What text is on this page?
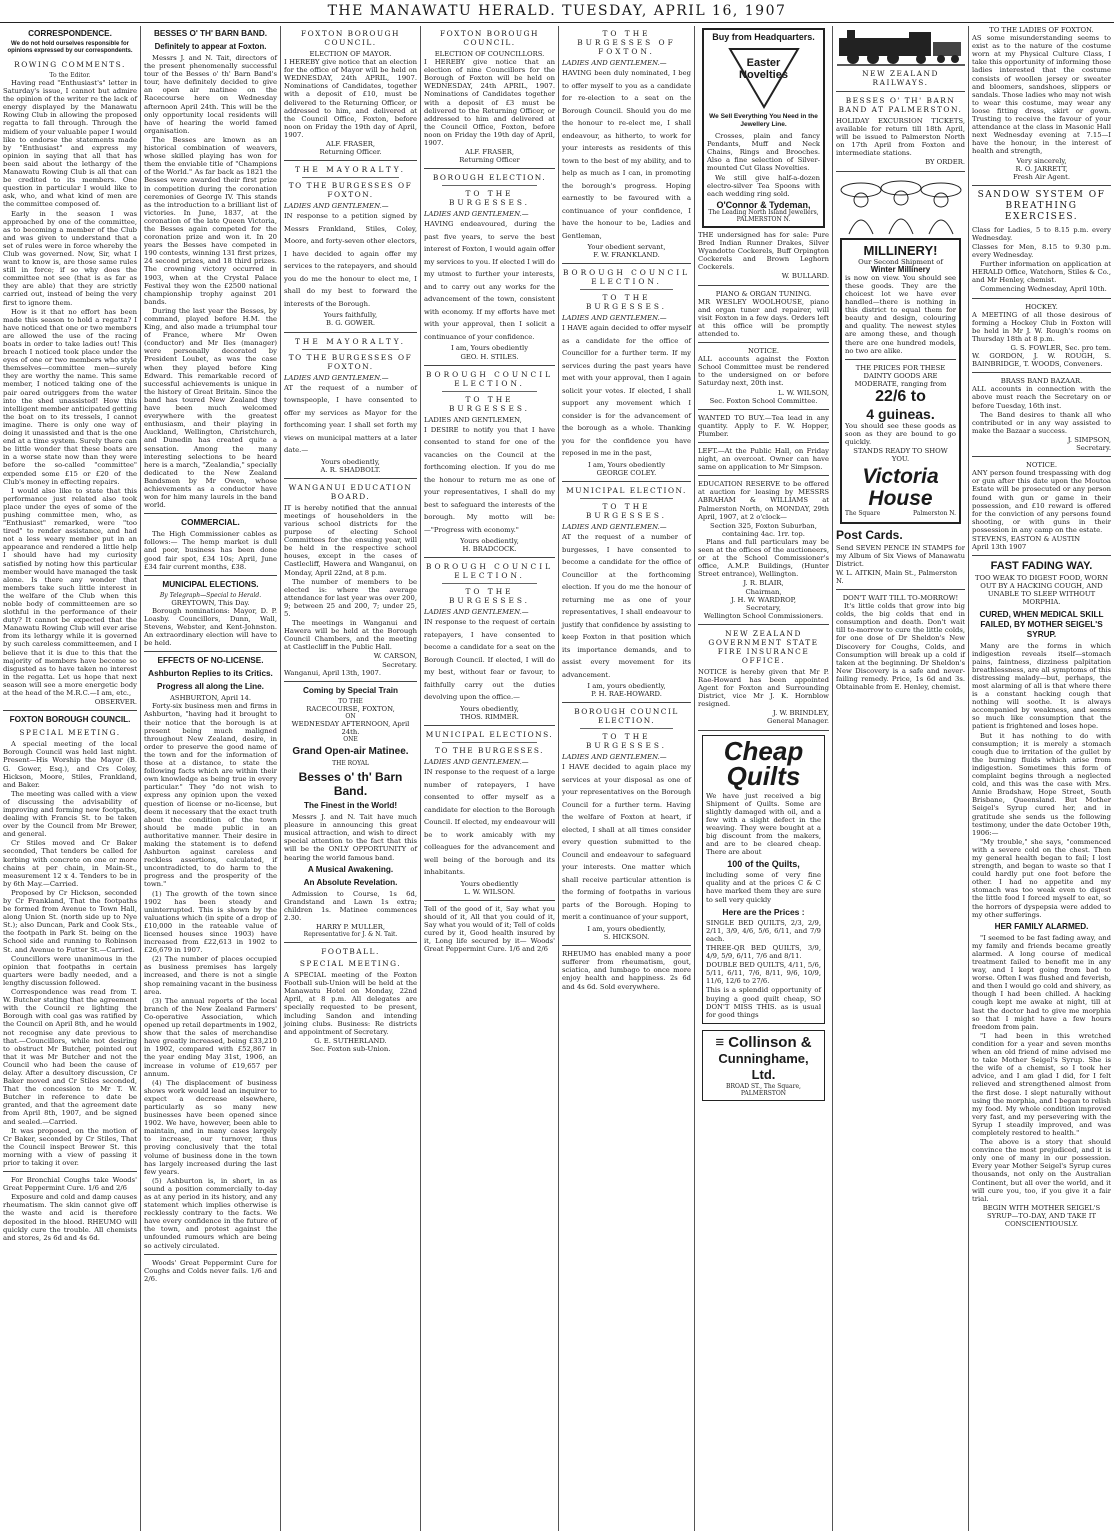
THE MANAWATU HERALD. TUESDAY, APRIL 16, 1907
CORRESPONDENCE.
We do not hold ourselves responsible for opinions expressed by our correspondents.
ROWING COMMENTS.
To the Editor.

Having read "Enthusiast's" letter in Saturday's issue, I cannot but admire the opinion of the writer re the lack of energy displayed by the Manawatu Rowing Club in allowing the proposed regatta to fall through. Through the midiem of your valuable paper I would like to endorse the statements made by "Enthusiast" and express my opinion in saying that all that has been said about the lethargy of the Manawatu Rowing Club is all that can be credited to its members. One question in particular I would like to ask, who, and what kind of men are the committee composed of.

Early in the season I was approached by one of the committee, as to becoming a member of the Club and was given to understand that a set of rules were in force whereby the Club was governed. Now, Sir, what I want to know is, are those same rules still in force; if so why does the committee not see (that is as far as they are able) that they are strictly carried out, instead of being the very first to ignore them.

How is it that no effort has been made this season to hold a regatta? I have noticed that one or two members are allowed the use of the racing boats in order to take ladies out! This breach I noticed took place under the eyes of one or two members who style themselves—committee men—surely they are worthy the name. This same member, I noticed taking one of the pair oared outriggers from the water into the shed unassisted! How this intelligent member anticipated getting the boat on to its tressels, I cannot imagine. There is only one way of doing it unassisted and that is the one end at a time system. Surely there can be little wonder that these boats are in a worse state now than they were before the so-called "committee" expended some £15 or £20 of the Club's money in effecting repairs.

I would also like to state that this performance just related also took place under the eyes of some of the pushing committee men, who, as "Enthusiast" remarked, were "too tired" to render assistance, and had not a less weary member put in an appearance and rendered a little help I should have had my curiosity satisfied by noting how this particular member would have managed the task alone. Is there any wonder that members take such little interest in the welfare of the Club when this noble body of committeemen are so slothful in the performance of their duty? It cannot be expected that the Manawatu Rowing Club will ever arise from its lethargy while it is governed by such careless committeemen, and I believe that it is due to this that the majority of members have become so disgusted as to have taken no interest in the regatta. Let us hope that next season will see a more energetic body at the head of the M.R.C.—I am, etc.,

OBSERVER.
FOXTON BOROUGH COUNCIL.
SPECIAL MEETING.

A special meeting of the local Borough Council was held last night. Present—His Worship the Mayor (B. G. Gower, Esq.), and Crs Coley, Hickson, Moore, Stiles, Frankland, and Baker.

The meeting was called with a view of discussing the advisability of improving and forming new footpaths, dealing with Francis St. to be taken over by the Council from Mr Brewer, and general.

Cr Stiles moved and Cr Baker seconded, That tenders be called for kerbing with concrete on one or more chains at per chain, in Main-St., measurement 12 x 4. Tenders to be in by 6th May.—Carried.

Proposed by Cr Hickson, seconded by Cr Frankland, That the footpaths be formed from Avenue to Town Hall, along Union St. (north side up to Nye St.); also Duncan, Park and Cook Sts., the footpath in Park St. being on the School side and running to Robinson St. and Avenue to Futter St.—Carried.

Councillors were unanimous in the opinion that footpaths in certain quarters were badly needed, and a lengthy discussion followed.

Correspondence was read from T. W. Butcher stating that the agreement with the Council re lighting the Borough with coal gas was ratified by the Council on April 8th, and he would not recognise any date previous to that.—Councillors, while not desiring to obstruct Mr Butcher, pointed out that it was Mr Butcher and not the Council who had been the cause of delay. After a desultory discussion, Cr Baker moved and Cr Stiles seconded, That the concession to Mr T. W. Butcher in reference to date be granted, and that the agreement date from April 8th, 1907, and be signed and sealed.—Carried.

It was proposed, on the motion of Cr Baker, seconded by Cr Stiles, That the Council inspect Brewer St. this morning with a view of passing it prior to taking it over.

For Bronchial Coughs take Woods' Great Peppermint Cure. 1/6 and 2/6

Exposure and cold and damp causes rheumatism. The skin cannot give off the waste and acid is therefore deposited in the blood. RHEUMO will quickly cure the trouble. All chemists and stores, 2s 6d and 4s 6d.

BESSES O' TH' BARN BAND.
Definitely to appear at Foxton.

Messrs J. and N. Tait, directors of the present phenomenally successful tour of the Besses o' th' Barn Band's tour, have definitely decided to give an open air matinee on the Racecourse here on Wednesday afternoon April 24th. This will be the only opportunity local residents will have of hearing the world famed organisation.

The Besses are known as an historical combination of weavers, whose skilled playing has won for them the enviable title of "Champions of the World." As far back as 1821 the Besses were awarded their first prize in competition during the coronation ceremonies of George IV. This stands as the introduction to a brilliant list of victories. In June, 1837, at the coronation of the late Queen Victoria, the Besses again competed for the coronation prize and won it. In 20 years the Besses have competed in 190 contests, winning 131 first prizes, 24 second prizes, and 18 third prizes. The crowning victory occurred in 1903, when at the Crystal Palace Festival they won the £2500 national championship trophy against 201 bands.

During the last year the Besses, by command, played before H.M. the King, and also made a triumphal tour of France, where Mr Owen (conductor) and Mr Iles (manager) were personally decorated by President Loubet, as was the case when they played before King Edward. This remarkable record of successful achievements is unique in the history of Great Britain. Since the band has toured New Zealand they have been much welcomed everywhere with the greatest enthusiasm, and their playing in Auckland, Wellington, Christchurch, and Dunedin has created quite a sensation. Among the many interesting selections to be heard here is a march, "Zealandia," specially dedicated to the New Zealand Bandsmen by Mr Owen, whose achievements as a conductor have won for him many laurels in the band world.

COMMERCIAL.

The High Commissioner cables as follows:— The hemp market is dull and poor, business has been done good fair spot, £34 10s; April, June £34 fair current months, £38.

MUNICIPAL ELECTIONS.
By Telegraph—Special to Herald.
GREYTOWN, This Day.

Borough nominations: Mayor, D. P. Loasby. Councillors, Dunn, Wall, Stevens, Webster, and Kent-Johnston. An extraordinary election will have to be held.

EFFECTS OF NO-LICENSE.
Ashburton Replies to its Critics.
Progress all along the Line.
ASHBURTON, April 14.

Forty-six business men and firms in Ashburton, "having had it brought to their notice that the borough is at present being much maligned throughout New Zealand, desire, in order to preserve the good name of the town and for the information of those at a distance, to state the following facts which are within their own knowledge as being true in every particular." They "do not wish to express any opinion upon the vexed question of license or no-license, but deem it necessary that the exact truth about the condition of the town should be made public in an authoritative manner. Their desire in making the statement is to defend Ashburton against careless and reckless assertions, calculated, if uncontradicted, to do harm to the progress and the prosperity of the town."

(1) The growth of the town since 1902 has been steady and uninterrupted. This is shown by the valuations which (in spite of a drop of £10,000 in the rateable value of licensed houses since 1903) have increased from £22,613 in 1902 to £26,679 in 1907.

(2) The number of places occupied as business premises has largely increased, and there is not a single shop remaining vacant in the business area.

(3) The annual reports of the local branch of the New Zealand Farmers' Co-operative Association, which opened up retail departments in 1902, show that the sales of merchandise have greatly increased, being £33,210 in 1902, compared with £52,867 in the year ending May 31st, 1906, an increase in volume of £19,657 per annum.

(4) The displacement of business shows work would lead an inquirer to expect a decrease elsewhere, particularly as so many new businesses have been opened since 1902. We have, however, been able to maintain, and in many cases largely to increase, our turnover, thus proving conclusively that the total volume of business done in the town has largely increased during the last few years.

(5) Ashburton is, in short, in as sound a position commercially to-day as at any period in its history, and any statement which implies otherwise is recklessly contrary to the facts. We have every confidence in the future of the town, and protest against the unfounded rumours which are being so actively circulated.

Woods' Great Peppermint Cure for Coughs and Colds never fails. 1/6 and 2/6.

FOXTON BOROUGH COUNCIL.
ELECTION OF MAYOR.

I HEREBY give notice that an election for the office of Mayor will be held on WEDNESDAY, 24th APRIL, 1907. Nominations of Candidates, together with a deposit of £10, must be delivered to the Returning Officer, or addressed to him, and delivered at the Council Office, Foxton, before noon on Friday the 19th day of April, 1907.

ALF. FRASER,
Returning Officer.
THE MAYORALTY.
TO THE BURGESSES OF FOXTON.
LADIES AND GENTLEMEN.—

IN response to a petition signed by Messrs Frankland, Stiles, Coley, Moore, and forty-seven other electors, I have decided to again offer my services to the ratepayers, and should you do me the honour to elect me, I shall do my best to forward the interests of the Borough.

Yours faithfully,
B. G. GOWER.
THE MAYORALTY.
TO THE BURGESSES OF FOXTON.
LADIES AND GENTLEMEN.—

AT the request of a number of townspeople, I have consented to offer my services as Mayor for the forthcoming year. I shall set forth my views on municipal matters at a later date.—

Yours obediently,
A. R. SHADBOLT.
WANGANUI EDUCATION BOARD.

IT is hereby notified that the annual meetings of householders in the various school districts for the purpose of electing School Committees for the ensuing year, will be held in the respective school houses, except in the cases of Castlecliff, Hawera and Wanganui, on Monday, April 22nd, at 8 p.m.

The number of members to be elected is: where the average attendance for last year was over 200, 9; between 25 and 200, 7; under 25, 5.

The meetings in Wanganui and Hawera will be held at the Borough Council Chambers, and the meeting at Castlecliff in the Public Hall.

W. CARSON,
Secretary.
Wanganui, April 13th, 1907.
Coming by Special Train
TO THE
RACECOURSE, FOXTON,
ON
WEDNESDAY AFTERNOON, April 24th.
ONE
Grand Open-air Matinee.
THE ROYAL
Besses o' th' Barn Band.
The Finest in the World!

Messrs J. and N. Tait have much pleasure in announcing this great musical attraction, and wish to direct special attention to the fact that this will be the ONLY OPPORTUNITY of hearing the world famous band.

A Musical Awakening.
An Absolute Revelation.

Admission to Course, 1s 6d, Grandstand and Lawn 1s extra; children 1s. Matinee commences 2.30.

HARRY P. MULLER,
Representative for J. & N. Tait.
FOOTBALL.
SPECIAL MEETING.

A SPECIAL meeting of the Foxton Football sub-Union will be held at the Manawatu Hotel on Monday, 22nd April, at 8 p.m. All delegates are specially requested to be present, including Sandon and intending joining clubs. Business: Re districts and appointment of Secretary.

G. E. SUTHERLAND.
Sec. Foxton sub-Union.
FOXTON BOROUGH COUNCIL.
ELECTION OF COUNCILLORS.

I HEREBY give notice that an election of nine Councillors for the Borough of Foxton will be held on WEDNESDAY, 24th APRIL, 1907. Nominations of Candidates together with a deposit of £3 must be delivered to the Returning Officer, or addressed to him and delivered at the Council Office, Foxton, before noon on Friday the 19th day of April, 1907.

ALF. FRASER,
Returning Officer
BOROUGH ELECTION.
TO THE BURGESSES.
LADIES AND GENTLEMEN.—

HAVING endeavoured, during the past five years, to serve the best interest of Foxton, I would again offer my services to you. If elected I will do my utmost to further your interests, and to carry out any works for the advancement of the town, consistent with economy. If my efforts have met with your approval, then I solicit a continuance of your confidence.

I am, Yours obediently
GEO. H. STILES.
BOROUGH COUNCIL ELECTION.
TO THE BURGESSES.
LADIES AND GENTLEMEN,

I DESIRE to notify you that I have consented to stand for one of the vacancies on the Council at the forthcoming election. If you do me the honour to return me as one of your representatives, I shall do my best to safeguard the interests of the borough. My motto will be:—"Progress with economy."

Yours obediently,
H. BRADCOCK.
BOROUGH COUNCIL ELECTION.
TO THE BURGESSES.
LADIES AND GENTLEMEN.—

IN response to the request of certain ratepayers, I have consented to become a candidate for a seat on the Borough Council. If elected, I will do my best, without fear or favour, to faithfully carry out the duties devolving upon the office.—

Yours obediently,
THOS. RIMMER.
MUNICIPAL ELECTIONS.
TO THE BURGESSES.
LADIES AND GENTLEMEN.—

IN response to the request of a large number of ratepayers, I have consented to offer myself as a candidate for election to the Borough Council. If elected, my endeavour will be to work amicably with my colleagues for the advancement and well being of the borough and its inhabitants.

Yours obediently
L. W. WILSON.

Tell of the good of it, Say what you should of it, All that you could of it, Say what you would of it; Tell of colds cured by it, Good health insured by it, Long life secured by it— Woods' Great Peppermint Cure. 1/6 and 2/6

TO THE BURGESSES OF FOXTON.
LADIES AND GENTLEMEN.—

HAVING been duly nominated, I beg to offer myself to you as a candidate for re-election to a seat on the Borough Council. Should you do me the honour to re-elect me, I shall endeavour, as hitherto, to work for your interests as residents of this town to the best of my ability, and to help as much as I can, in promoting the borough's progress. Hoping earnestly to be favoured with a continuance of your confidence, I have the honour to be, Ladies and Gentleman,

Your obedient servant,
F. W. FRANKLAND.
BOROUGH COUNCIL ELECTION.
TO THE BURGESSES.
LADIES AND GENTLEMEN.—

I HAVE again decided to offer myself as a candidate for the office of Councillor for a further term. If my services during the past years have met with your approval, then I again solicit your votes. If elected, I shall support any movement which I consider is for the advancement of the borough as a whole. Thanking you for the confidence you have reposed in me in the past,

I am, Yours obediently
GEORGE COLEY.
MUNICIPAL ELECTION.
TO THE BURGESSES.
LADIES AND GENTLEMEN.—

AT the request of a number of burgesses, I have consented to become a candidate for the office of Councillor at the forthcoming election. If you do me the honour of returning me as one of your representatives, I shall endeavour to justify that confidence by assisting to keep Foxton in that position which its importance demands, and to assist every movement for its advancement.

I am, yours obediently,
P. H. RAE-HOWARD.
BOROUGH COUNCIL ELECTION.
TO THE BURGESSES.
LADIES AND GENTLEMEN.—

I HAVE decided to again place my services at your disposal as one of your representatives on the Borough Council for a further term. Having the welfare of Foxton at heart, if elected, I shall at all times consider every question submitted to the Council and endeavour to safeguard your interests. One matter which shall receive particular attention is the forming of footpaths in various parts of the Borough. Hoping to merit a continuance of your support,

I am, yours obediently,
S. HICKSON.

RHEUMO has enabled many a poor sufferer from rheumatism, gout, sciatica, and lumbago to once more enjoy health and happiness. 2s 6d and 4s 6d. Sold everywhere.

Buy from Headquarters.
Easter Novelties
We Sell Everything You Need in the Jewellery Line.

Crosses, plain and fancy Pendants, Muff and Neck Chains, Rings and Brooches. Also a fine selection of Silver-mounted Cut Glass Novelties.

We still give half-a-dozen electro-silver Tea Spoons with each wedding ring sold.

O'Connor & Tydeman,
The Leading North Island Jewellers, PALMERSTON N.

THE undersigned has for sale: Pure Bred Indian Runner Drakes, Silver Wyandotte Cockerels, Buff Orpington Cockerels and Brown Leghorn Cockerels.

W. BULLARD.
PIANO & ORGAN TUNING.

MR WESLEY WOOLHOUSE, piano and organ tuner and repairer, will visit Foxton in a few days. Orders left at this office will be promptly attended to.

NOTICE.

ALL accounts against the Foxton School Committee must be rendered to the undersigned on or before Saturday next, 20th inst.

L. W. WILSON,
Sec. Foxton School Committee.

WANTED TO BUY.—Tea lead in any quantity. Apply to F. W. Hopper, Plumber.

LEFT.—At the Public Hall, on Friday night, an overcoat. Owner can have same on application to Mr Simpson.

EDUCATION RESERVE to be offered at auction for leasing by MESSRS ABRAHAM & WILLIAMS at Palmerston North, on MONDAY, 29th April, 1907, at 2 o'clock—

Section 325, Foxton Suburban, containing 4ac. 1rr. top.

Plans and full particulars may be seen at the offices of the auctioneers, or at the School Commissioner's office, A.M.P. Buildings, (Hunter Street entrance), Wellington.

J. R. BLAIR,
Chairman,
J. H. W. WARDROP,
Secretary,
Wellington School Commissioners.
NEW ZEALAND GOVERNMENT STATE FIRE INSURANCE OFFICE.

NOTICE is hereby given that Mr P. Rae-Howard has been appointed Agent for Foxton and Surrounding District, vice Mr J. K. Hornblow resigned.

J. W. BRINDLEY,
General Manager.
Cheap Quilts

We have just received a big Shipment of Quilts. Some are slightly damaged with oil, and a few with a slight defect in the weaving. They were bought at a big discount from the makers, and are to be cleared cheap. There are about

100 of the Quilts,

including some of very fine quality and at the prices C & C have marked them they are sure to sell very quickly

Here are the Prices :

SINGLE BED QUILTS, 2/3, 2/9, 2/11, 3/9, 4/6, 5/6, 6/11, and 7/9 each.

THREE-QR BED QUILTS, 3/9, 4/9, 5/9, 6/11, 7/6 and 8/11.

DOUBLE BED QUILTS, 4/11, 5/6, 5/11, 6/11, 7/6, 8/11, 9/6, 10/9, 11/6, 12/6 to 27/6.

This is a splendid opportunity of buying a good quilt cheap, SO DON'T MISS THIS. as is usual for good things

≡ Collinson &
Cunninghame, Ltd.
BROAD ST., The Square, PALMERSTON
NEW ZEALAND RAILWAYS.
BESSES O' TH' BARN BAND AT PALMERSTON.

HOLIDAY EXCURSION TICKETS, available for return till 18th April, will be issued to Palmerston North on 17th April from Foxton and intermediate stations.

BY ORDER.
MILLINERY!
Our Second Shipment of
Winter Millinery

is now on view. You should see these goods. They are the choicest lot we have ever handled—there is nothing in this district to equal them for beauty and design, colouring and quality. The newest styles are among these, and though there are one hundred models, no two are alike.

THE PRICES FOR THESE DAINTY GOODS ARE MODERATE, ranging from
22/6 to
4 guineas.

You should see these goods as soon as they are bound to go quickly.

STANDS READY TO SHOW YOU.
Victoria House
The Square	Palmerston N.
Post Cards.

Send SEVEN PENCE IN STAMPS for my Album of Six Views of Manawatu District.

W. L. AITKIN, Main St., Palmerston N.
DON'T WAIT TILL TO-MORROW!

It's little colds that grow into big colds, the big colds that end in consumption and death. Don't wait till to-morrow to cure the little colds, for one dose of Dr Sheldon's New Discovery for Coughs, Colds, and Consumption will break up a cold if taken at the beginning. Dr Sheldon's New Discovery is a safe and never-failing remedy. Price, 1s 6d and 3s. Obtainable from E. Henley, chemist.

TO THE LADIES OF FOXTON.

AS some misunderstanding seems to exist as to the nature of the costume worn at my Physical Culture Class, I take this opportunity of informing those ladies interested that the costume consists of woollen jersey or sweater and bloomers, sandshoes, slippers or sandals. Those ladies who may not wish to wear this costume, may wear any loose fitting dress, skirt or gown. Trusting to receive the favour of your attendance at the class in Masonic Hall next Wednesday evening at 7.15—I have the honour, in the interest of health and strength,

Very sincerely,
R. O. JARRETT,
Fresh Air Agent.
SANDOW SYSTEM OF BREATHING EXERCISES.

Class for Ladies, 5 to 8.15 p.m. every Wednesday.

Classes for Men, 8.15 to 9.30 p.m. every Wednesday.

Further information on application at HERALD Office, Watchorn, Stiles & Co., and Mr Henley, chemist.

Commencing Wednesday, April 10th.

HOCKEY.

A MEETING of all those desirous of forming a Hockey Club in Foxton will be held in Mr J. W. Rough's rooms on Thursday 18th at 8 p.m.

G. S. FOWLER, Sec. pro tem.

W. GORDON, J. W. ROUGH, S. BAINBRIDGE, T. WOODS, Conveners.

BRASS BAND BAZAAR.

ALL accounts in connection with the above must reach the Secretary on or before Tuesday, 16th inst.

The Band desires to thank all who contributed or in any way assisted to make the Bazaar a success.

J. SIMPSON,
Secretary.
NOTICE.

ANY person found trespassing with dog or gun after this date upon the Moutoa Estate will be prosecuted or any person found with gun or game in their possession, and £10 reward is offered for the conviction of any persons found shooting, or with guns in their possession in any camp on the estate.

STEVENS, EASTON & AUSTIN
April 13th 1907
FAST FADING WAY.
TOO WEAK TO DIGEST FOOD, WORN OUT BY A HACKING COUGH, AND UNABLE TO SLEEP WITHOUT MORPHIA.
CURED, WHEN MEDICAL SKILL FAILED, BY MOTHER SEIGEL'S SYRUP.

Many are the forms in which indigestion reveals itself—stomach pains, faintness, dizziness palpitation breathlessness, are all symptoms of this distressing malady—but, perhaps, the most alarming of all is that where there is a constant hacking cough that nothing will soothe. It is always accompanied by weakness, and seems so much like consumption that the patient is frightened and loses hope.

But it has nothing to do with consumption; it is merely a stomach cough due to irritation of the gullet by the burning fluids which arise from indigestion. Sometimes this form of complaint begins through a neglected cold, and this was the case with Mrs. Annie Bradshaw, Hope Street, South Brisbane, Queensland. But Mother Seigel's Syrup cured her, and in gratitude she sends us the following testimony, under the date October 19th, 1906:—

"My trouble," she says, "commenced with a severe cold on the chest. Then my general health began to fail; I lost strength, and began to waste so that I could hardly put one foot before the other. I had no appetite and my stomach was too weak even to digest the little food I forced myself to eat, so the horrors of dyspepsia were added to my other sufferings.

HER FAMILY ALARMED.

"I seemed to be fast fading away, and my family and friends became greatly alarmed. A long course of medical treatment failed to benefit me in any way, and I kept going from bad to worse. Often I was flushed and feverish, and then I would go cold and shivery, as though I had been chilled. A hacking cough kept me awake at night, till at last the doctor had to give me morphia so that I might have a few hours freedom from pain.

"I had been in this wretched condition for a year and seven months when an old friend of mine advised me to take Mother Seigel's Syrup. She is the wife of a chemist, so I took her advice, and I am glad I did, for I felt relieved and strengthened almost from the first dose. I slept naturally without using the morphia, and I began to relish my food. My whole condition improved very fast, and my persevering with the Syrup I steadily improved, and was completely restored to health."

The above is a story that should convince the most prejudiced, and it is only one of many in our possession. Every year Mother Seigel's Syrup cures thousands, not only on the Australian Continent, but all over the world, and it will cure you, too, if you give it a fair trial.

BEGIN WITH MOTHER SEIGEL'S SYRUP—TO-DAY, AND TAKE IT CONSCIENTIOUSLY.
